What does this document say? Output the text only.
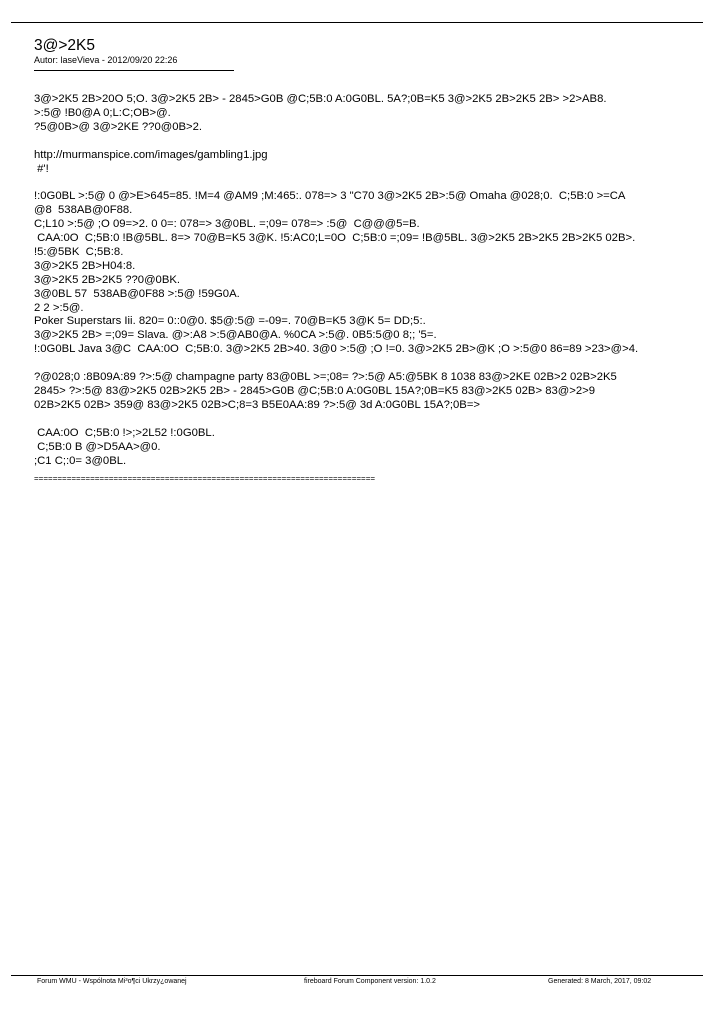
3@>2K5
Autor: lasеVieva - 2012/09/20 22:26
3@>2K5 2B>20O 5;O. 3@>2K5 2B> - 2845>G0B @C;5B:0 A:0G0BL. 5A?;0B=K5 3@>2K5 2B>2K5 2B> >2>AB8.
>:5@ !B0@A 0;L:C;OB>@.
?5@0B>@ 3@>2KE ??0@0B>2.
http://murmanspice.com/images/gambling1.jpg
#'!
!:0G0BL >:5@ 0 @>E>645=85. !M=4 @AM9 ;M:465:. 078=> 3 "C70 3@>2K5 2B>:5@ Omaha @028;0.  C;5B:0 >=CA
@8  538AB@0F88.
C;L10 >:5@ ;O 09=>2. 0 0=: 078=> 3@0BL. =;09= 078=> :5@  C@@@5=B.
CAA:0O  C;5B:0 !B@5BL. 8=> 70@B=K5 3@K. !5:AC0;L=0O  C;5B:0 =;09= !B@5BL. 3@>2K5 2B>2K5 2B>2K5 02B>.
!5:@5BK  C;5B:8.
3@>2K5 2B>H04:8.
3@>2K5 2B>2K5 ??0@0BK.
3@0BL 57  538AB@0F88 >:5@ !59G0A.
2 2 >:5@.
Poker Superstars Iii. 820= 0::0@0. $5@:5@ =-09=. 70@B=K5 3@K 5= DD;5:.
3@>2K5 2B> =;09= Slava. @>:A8 >:5@AB0@A. %0CA >:5@. 0B5:5@0 8;; '5=.
!:0G0BL Java 3@C  CAA:0O  C;5B:0. 3@>2K5 2B>40. 3@0 >:5@ ;O !=0. 3@>2K5 2B>@K ;O >:5@0 86=89 >23>@>4.
?@028;0 :8B09A:89 ?>:5@ champagne party 83@0BL >=;08= ?>:5@ A5:@5BK 8 1038 83@>2KE 02B>2 02B>2K5
2845> ?>:5@ 83@>2K5 02B>2K5 2B> - 2845>G0B @C;5B:0 A:0G0BL 15A?;0B=K5 83@>2K5 02B> 83@>2>9
02B>2K5 02B> 359@ 83@>2K5 02B>C;8=3 B5E0AA:89 ?>:5@ 3d A:0G0BL 15A?;0B=>
CAA:0O  C;5B:0 !>;>2L52 !:0G0BL.
C;5B:0 B @>D5AA>@0.
;C1 C;:0= 3@0BL.
=========================================================================
Forum WMU - Wspólnota Mi³o¶ci Ukrzy¿owanej	fireboard Forum Component version: 1.0.2	Generated: 8 March, 2017, 09:02
